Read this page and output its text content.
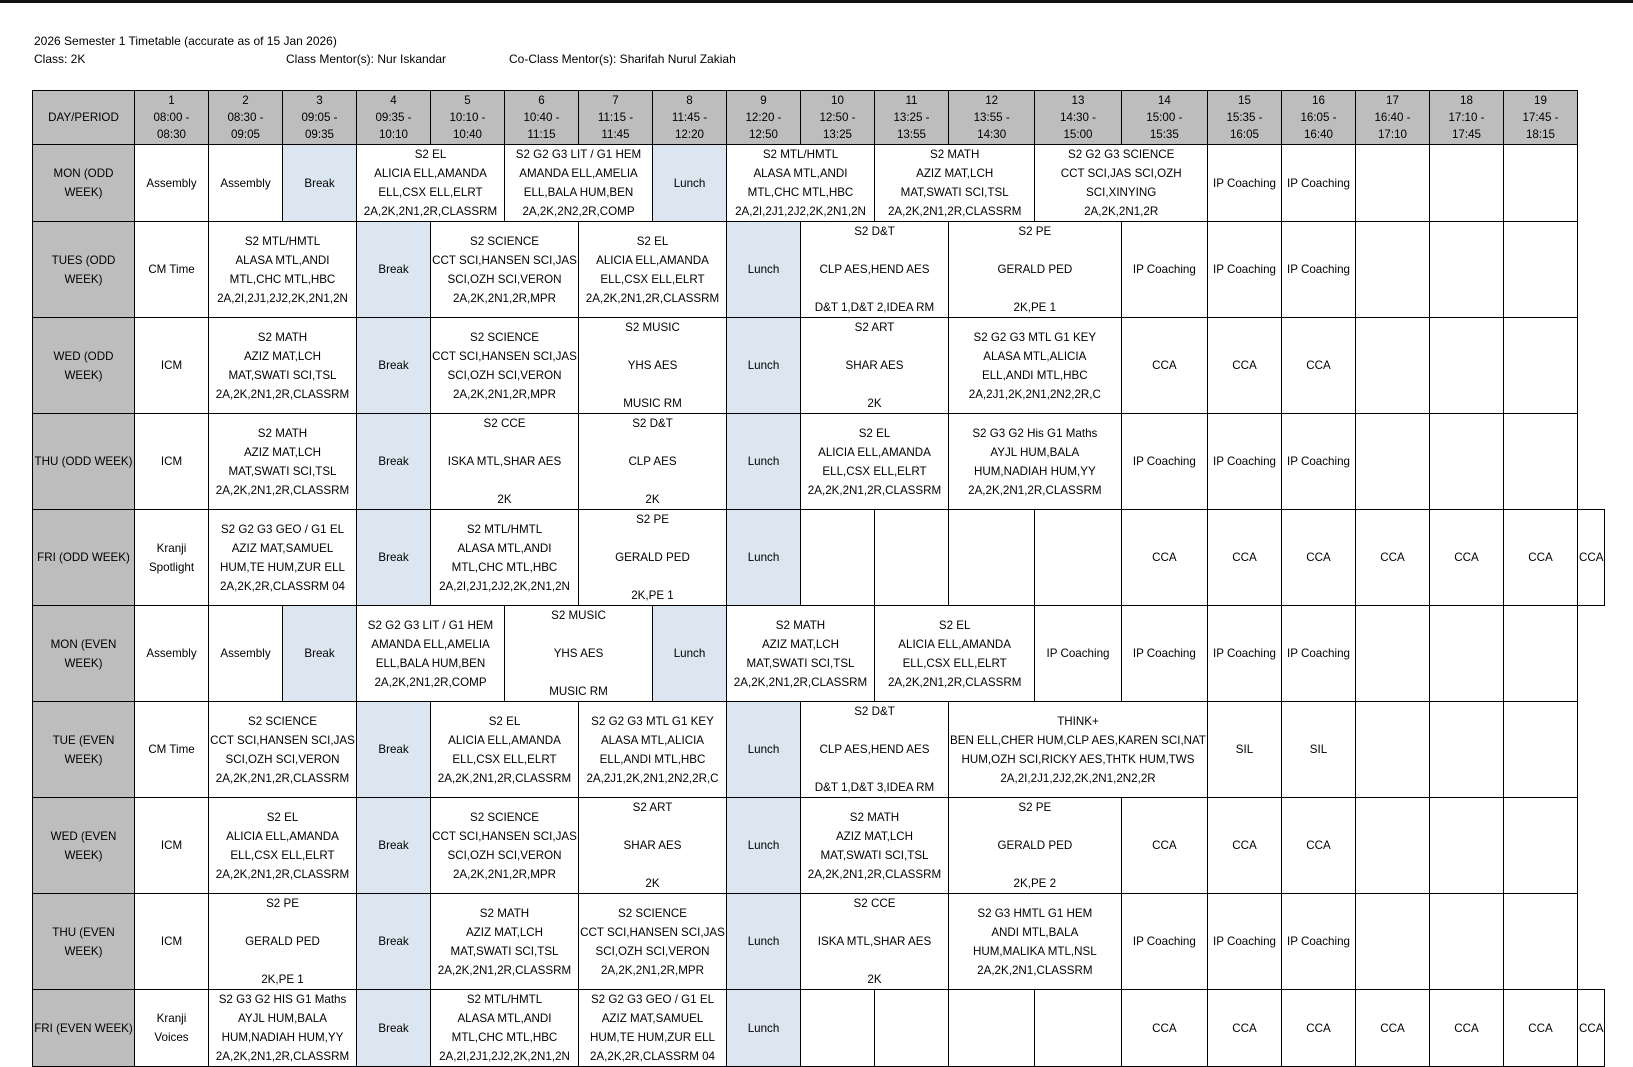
2026 Semester 1 Timetable (accurate as of 15 Jan 2026)
Class: 2K	Class Mentor(s): Nur Iskandar	Co-Class Mentor(s): Sharifah Nurul Zakiah
DAY/PERIOD	1
08:00 -
08:30	2
08:30 -
09:05	3
09:05 -
09:35	4
09:35 -
10:10	5
10:10 -
10:40	6
10:40 -
11:15	7
11:15 -
11:45	8
11:45 -
12:20	9
12:20 -
12:50	10
12:50 -
13:25	11
13:25 -
13:55	12
13:55 -
14:30	13
14:30 -
15:00	14
15:00 -
15:35	15
15:35 -
16:05	16
16:05 -
16:40	17
16:40 -
17:10	18
17:10 -
17:45	19
17:45 -
18:15	

MON (ODD WEEK)	Assembly	Assembly	Break	S2 EL
ALICIA ELL,AMANDA
ELL,CSX ELL,ELRT
2A,2K,2N1,2R,CLASSRM		S2 G2 G3 LIT / G1 HEM
AMANDA ELL,AMELIA
ELL,BALA HUM,BEN
2A,2K,2N2,2R,COMP		Lunch	S2 MTL/HMTL
ALASA MTL,ANDI
MTL,CHC MTL,HBC
2A,2I,2J1,2J2,2K,2N1,2N		S2 MATH
AZIZ MAT,LCH
MAT,SWATI SCI,TSL
2A,2K,2N1,2R,CLASSRM		S2 G2 G3 SCIENCE
CCT SCI,JAS SCI,OZH
SCI,XINYING
2A,2K,2N1,2R		IP Coaching	IP Coaching				

TUES (ODD WEEK)	CM Time	S2 MTL/HMTL
ALASA MTL,ANDI
MTL,CHC MTL,HBC
2A,2I,2J1,2J2,2K,2N1,2N		Break	S2 SCIENCE
CCT SCI,HANSEN SCI,JAS
SCI,OZH SCI,VERON
2A,2K,2N1,2R,MPR		S2 EL
ALICIA ELL,AMANDA
ELL,CSX ELL,ELRT
2A,2K,2N1,2R,CLASSRM		Lunch	S2 D&T

CLP AES,HEND AES

D&T 1,D&T 2,IDEA RM		S2 PE

GERALD PED

2K,PE 1		IP Coaching	IP Coaching	IP Coaching				

WED (ODD WEEK)	ICM	S2 MATH
AZIZ MAT,LCH
MAT,SWATI SCI,TSL
2A,2K,2N1,2R,CLASSRM		Break	S2 SCIENCE
CCT SCI,HANSEN SCI,JAS
SCI,OZH SCI,VERON
2A,2K,2N1,2R,MPR		S2 MUSIC

YHS AES

MUSIC RM		Lunch	S2 ART

SHAR AES

2K		S2 G2 G3 MTL G1 KEY
ALASA MTL,ALICIA
ELL,ANDI MTL,HBC
2A,2J1,2K,2N1,2N2,2R,C		CCA	CCA	CCA				

THU (ODD WEEK)	ICM	S2 MATH
AZIZ MAT,LCH
MAT,SWATI SCI,TSL
2A,2K,2N1,2R,CLASSRM		Break	S2 CCE

ISKA MTL,SHAR AES

2K		S2 D&T

CLP AES

2K		Lunch	S2 EL
ALICIA ELL,AMANDA
ELL,CSX ELL,ELRT
2A,2K,2N1,2R,CLASSRM		S2 G3 G2 His G1 Maths
AYJL HUM,BALA
HUM,NADIAH HUM,YY
2A,2K,2N1,2R,CLASSRM		IP Coaching	IP Coaching	IP Coaching				

FRI (ODD WEEK)	Kranji
Spotlight	S2 G2 G3 GEO / G1 EL
AZIZ MAT,SAMUEL
HUM,TE HUM,ZUR ELL
2A,2K,2R,CLASSRM 04		Break	S2 MTL/HMTL
ALASA MTL,ANDI
MTL,CHC MTL,HBC
2A,2I,2J1,2J2,2K,2N1,2N		S2 PE

GERALD PED

2K,PE 1		Lunch					CCA	CCA	CCA	CCA	CCA	CCA	CCA

MON (EVEN WEEK)	Assembly	Assembly	Break	S2 G2 G3 LIT / G1 HEM
AMANDA ELL,AMELIA
ELL,BALA HUM,BEN
2A,2K,2N1,2R,COMP		S2 MUSIC

YHS AES

MUSIC RM		Lunch	S2 MATH
AZIZ MAT,LCH
MAT,SWATI SCI,TSL
2A,2K,2N1,2R,CLASSRM		S2 EL
ALICIA ELL,AMANDA
ELL,CSX ELL,ELRT
2A,2K,2N1,2R,CLASSRM		IP Coaching	IP Coaching	IP Coaching	IP Coaching				

TUE (EVEN WEEK)	CM Time	S2 SCIENCE
CCT SCI,HANSEN SCI,JAS
SCI,OZH SCI,VERON
2A,2K,2N1,2R,CLASSRM		Break	S2 EL
ALICIA ELL,AMANDA
ELL,CSX ELL,ELRT
2A,2K,2N1,2R,CLASSRM		S2 G2 G3 MTL G1 KEY
ALASA MTL,ALICIA
ELL,ANDI MTL,HBC
2A,2J1,2K,2N1,2N2,2R,C		Lunch	S2 D&T

CLP AES,HEND AES

D&T 1,D&T 3,IDEA RM		THINK+
BEN ELL,CHER HUM,CLP AES,KAREN SCI,NAT
HUM,OZH SCI,RICKY AES,THTK HUM,TWS
2A,2I,2J1,2J2,2K,2N1,2N2,2R			SIL	SIL				

WED (EVEN WEEK)	ICM	S2 EL
ALICIA ELL,AMANDA
ELL,CSX ELL,ELRT
2A,2K,2N1,2R,CLASSRM		Break	S2 SCIENCE
CCT SCI,HANSEN SCI,JAS
SCI,OZH SCI,VERON
2A,2K,2N1,2R,MPR		S2 ART

SHAR AES

2K		Lunch	S2 MATH
AZIZ MAT,LCH
MAT,SWATI SCI,TSL
2A,2K,2N1,2R,CLASSRM		S2 PE

GERALD PED

2K,PE 2		CCA	CCA	CCA				

THU (EVEN WEEK)	ICM	S2 PE

GERALD PED

2K,PE 1		Break	S2 MATH
AZIZ MAT,LCH
MAT,SWATI SCI,TSL
2A,2K,2N1,2R,CLASSRM		S2 SCIENCE
CCT SCI,HANSEN SCI,JAS
SCI,OZH SCI,VERON
2A,2K,2N1,2R,MPR		Lunch	S2 CCE

ISKA MTL,SHAR AES

2K		S2 G3 HMTL G1 HEM
ANDI MTL,BALA
HUM,MALIKA MTL,NSL
2A,2K,2N1,CLASSRM		IP Coaching	IP Coaching	IP Coaching				

FRI (EVEN WEEK)	Kranji
Voices	S2 G3 G2 HIS G1 Maths
AYJL HUM,BALA
HUM,NADIAH HUM,YY
2A,2K,2N1,2R,CLASSRM		Break	S2 MTL/HMTL
ALASA MTL,ANDI
MTL,CHC MTL,HBC
2A,2I,2J1,2J2,2K,2N1,2N		S2 G2 G3 GEO / G1 EL
AZIZ MAT,SAMUEL
HUM,TE HUM,ZUR ELL
2A,2K,2R,CLASSRM 04		Lunch					CCA	CCA	CCA	CCA	CCA	CCA	CCA
